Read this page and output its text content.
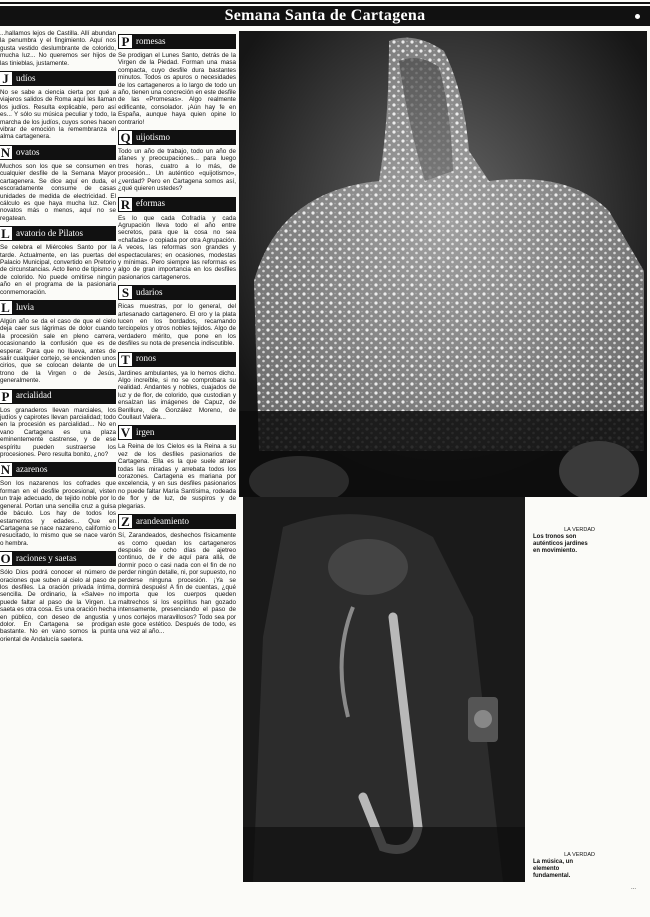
Semana Santa de Cartagena

...hallamos lejos de Castilla. Allí abundan la penumbra y el fingimiento. Aquí nos gusta vestido deslumbrante de colorido, mucha luz... No queremos ser hijos de las tinieblas, justamente.

J udíos

No se sabe a ciencia cierta por qué a viajeros salidos de Roma aquí les llaman los judíos. Resulta explicable, pero así es... Y sólo su música peculiar y todo, la marcha de los judíos, cuyos sones hacen vibrar de emoción la remembranza el alma cartagenera.

N ovatos

Muchos son los que se consumen en cualquier desfile de la Semana Mayor cartagenera. Se dice aquí en duda, el escoradamente consume de casas unidades de medida de electricidad. El cálculo es que haya mucha luz. Cien novatos más o menos, aquí no se regatean.

L avatorio de Pilatos

Se celebra el Miércoles Santo por la tarde. Actualmente, en las puertas del Palacio Municipal, convertido en Pretorio de circunstancias. Acto lleno de tipismo y de colorido. No puede omitirse ningún año en el programa de la pasionaria conmemoración.

L luvia

Algún año se da el caso de que el cielo deja caer sus lágrimas de dolor cuando la procesión sale en pleno carrera, ocasionando la confusión que es de esperar. Para que no llueva, antes de salir cualquier cortejo, se encienden unos cirios, que se colocan delante de un trono de la Virgen o de Jesús, generalmente.

P arcialidad

Los granaderos llevan marciales, los judíos y capirotes llevan parcialidad; todo en la procesión es parcialidad... No en vano Cartagena es una plaza eminentemente castrense, y de ese espíritu pueden sustraerse los procesiones. Pero resulta bonito, ¿no?

N azarenos

Son los nazarenos los cofrades que forman en el desfile procesional, visten un traje adecuado, de tejido noble por lo general. Portan una sencilla cruz a guisa de báculo. Los hay de todos los estamentos y edades... Que en Cartagena se nace nazareno, californio o resucitado, lo mismo que se nace varón o hembra.

O raciones y saetas

Sólo Dios podrá conocer el número de oraciones que suben al cielo al paso de los desfiles. La oración privada íntima, sencilla. De ordinario, la «Salve» no puede faltar al paso de la Virgen. La saeta es otra cosa. Es una oración hecha en público, con deseo de angustia y dolor. En Cartagena se prodigan bastante. No en vano somos la punta oriental de Andalucía saetera.

P romesas

Se prodigan el Lunes Santo, detrás de la Virgen de la Piedad. Forman una masa compacta, cuyo desfile dura bastantes minutos. Todos os apuros o necesidades de los cartageneros a lo largo de todo un año, tienen una concreción en este desfile de las «Promesas». Algo realmente edificante, consolador. ¡Aún hay fe en España, aunque haya quien opine lo contrario!

Q uijotismo

Todo un año de trabajo, todo un año de afanes y preocupaciones... para luego tres horas, cuatro a lo más, de procesión... Un auténtico «quijotismo», ¿verdad? Pero en Cartagena somos así, ¿qué quieren ustedes?

R eformas

Es lo que cada Cofradía y cada Agrupación lleva todo el año entre secretos, para que la cosa no sea «chafada» o copiada por otra Agrupación. A veces, las reformas son grandes y espectaculares; en ocasiones, modestas y mínimas. Pero siempre las reformas es algo de gran importancia en los desfiles pasionarios cartageneros.

S udarios

Ricas muestras, por lo general, del artesanado cartagenero. El oro y la plata lucen en los bordados, recamando terciopelos y otros nobles tejidos. Algo de verdadero mérito, que pone en los desfiles su nota de presencia indiscutible.

T ronos

Jardines ambulantes, ya lo hemos dicho. Algo increíble, si no se comprobara su realidad. Andantes y nobles, cuajados de luz y de flor, de colorido, que custodian y ensalzan las imágenes de Capuz, de Benlliure, de González Moreno, de Coullaut Valera...

V irgen

La Reina de los Cielos es la Reina a su vez de los desfiles pasionarios de Cartagena. Ella es la que suele atraer todas las miradas y arrebata todos los corazones. Cartagena es mariana por excelencia, y en sus desfiles pasionarios no puede faltar María Santísima, rodeada de flor y de luz, de suspiros y de plegarias.

Z arandeamiento

Sí, Zarandeados, deshechos físicamente es como quedan los cartageneros después de ocho días de ajetreo continuo, de ir de aquí para allá, de dormir poco o casi nada con el fin de no perder ningún detalle, ni, por supuesto, no perderse ninguna procesión. ¡Ya se dormirá después! A fin de cuentas, ¿qué importa que los cuerpos queden maltrechos si los espíritus han gozado intensamente, presenciando el paso de unos cortejos maravillosos? Todo sea por este goce estético. Después de todo, es una vez al año...

LA VERDAD
Los tronos son auténticos jardines en movimiento.
LA VERDAD
La música, un elemento fundamental.
...
